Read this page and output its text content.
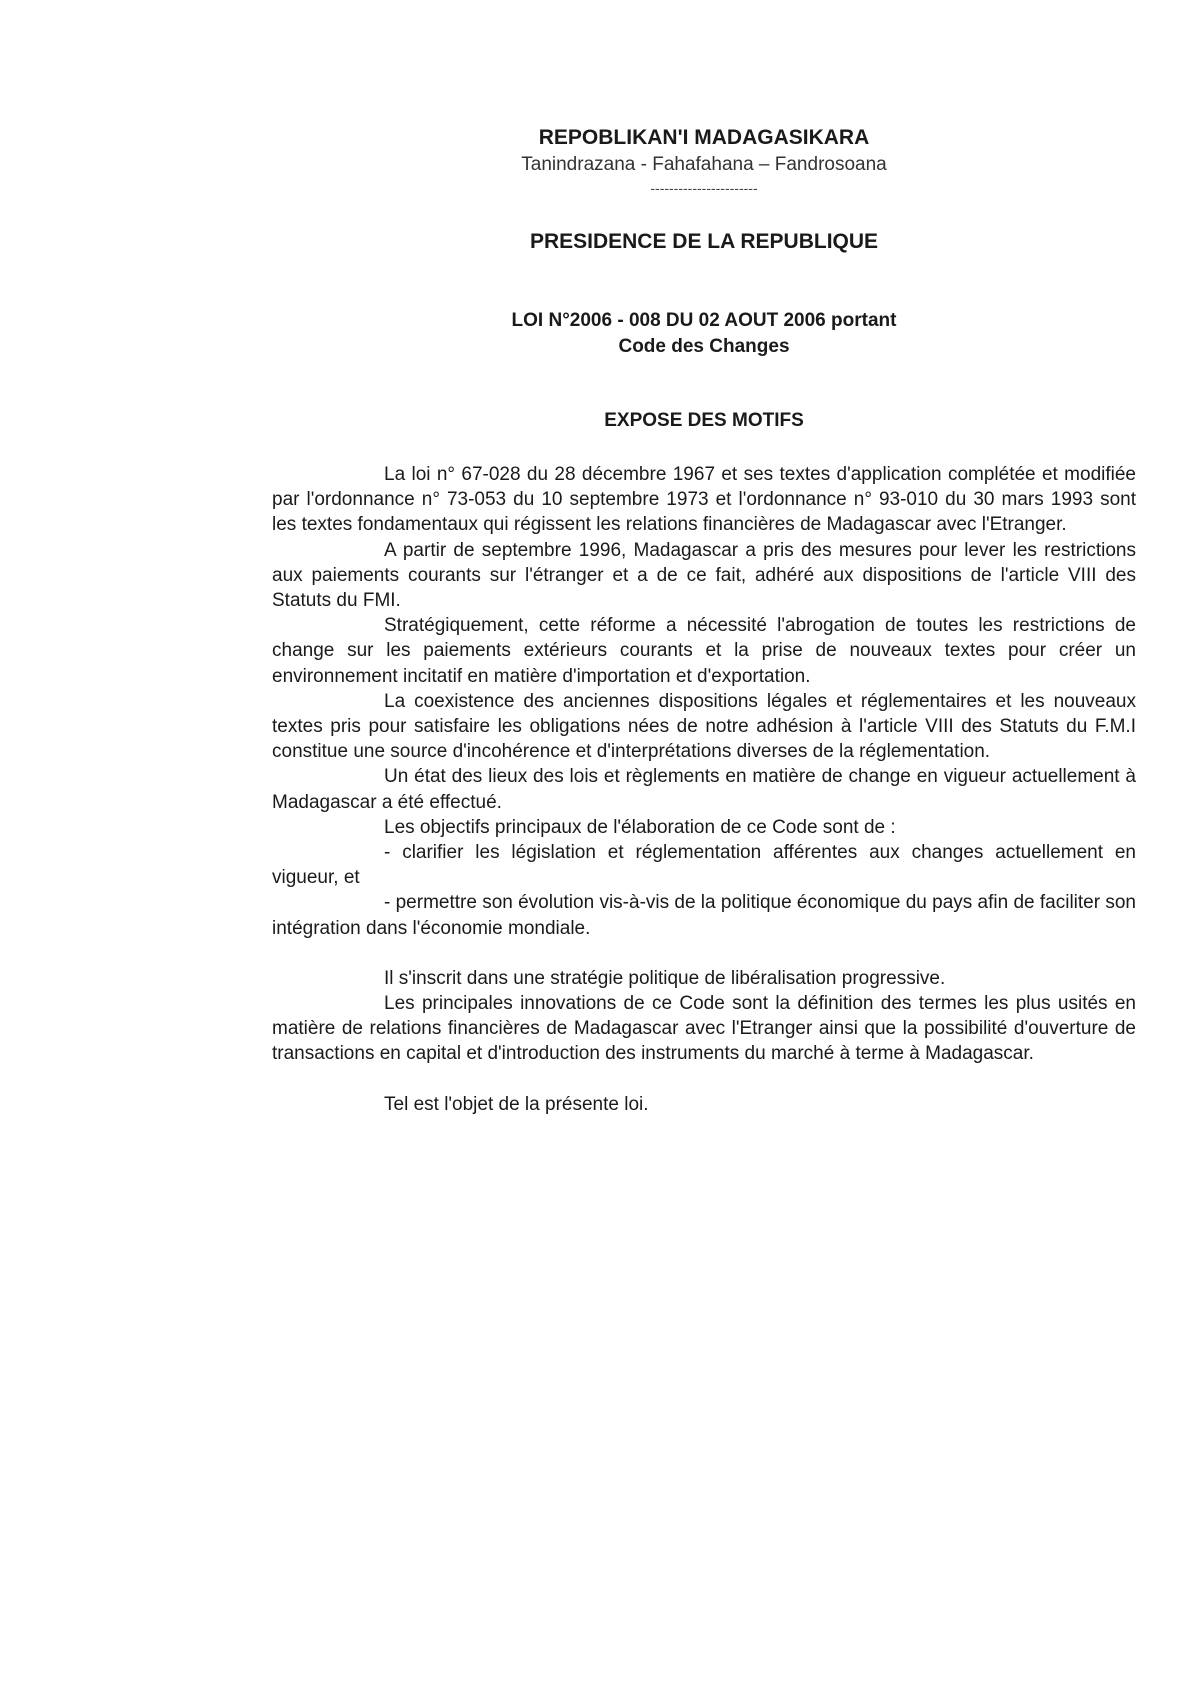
REPOBLIKAN'I MADAGASIKARA
Tanindrazana - Fahafahana – Fandrosoana
-----------------------
PRESIDENCE DE LA REPUBLIQUE
LOI N°2006 - 008 DU 02 AOUT 2006 portant
Code des Changes
EXPOSE DES MOTIFS

La loi n° 67-028 du 28 décembre 1967 et ses textes d'application complétée et modifiée par l'ordonnance n° 73-053 du 10 septembre 1973 et l'ordonnance n° 93-010 du 30 mars 1993 sont les textes fondamentaux qui régissent les relations financières de Madagascar avec l'Etranger.

A partir de septembre 1996, Madagascar a pris des mesures pour lever les restrictions aux paiements courants sur l'étranger et a de ce fait, adhéré aux dispositions de l'article VIII des Statuts du FMI.

Stratégiquement, cette réforme a nécessité l'abrogation de toutes les restrictions de change sur les paiements extérieurs courants et la prise de nouveaux textes pour créer un environnement incitatif en matière d'importation et d'exportation.

La coexistence des anciennes dispositions légales et réglementaires et les nouveaux textes pris pour satisfaire les obligations nées de notre adhésion à l'article VIII des Statuts du F.M.I constitue une source d'incohérence et d'interprétations diverses de la réglementation.

Un état des lieux des lois et règlements en matière de change en vigueur actuellement à Madagascar a été effectué.

Les objectifs principaux de l'élaboration de ce Code sont de :

- clarifier les législation et réglementation afférentes aux changes actuellement en vigueur, et

- permettre son évolution vis-à-vis de la politique économique du pays afin de faciliter son intégration dans l'économie mondiale.

Il s'inscrit dans une stratégie politique de libéralisation progressive.

Les principales innovations de ce Code sont la définition des termes les plus usités en matière de relations financières de Madagascar avec l'Etranger ainsi que la possibilité d'ouverture de transactions en capital et d'introduction des instruments du marché à terme à Madagascar.

Tel est l'objet de la présente loi.
